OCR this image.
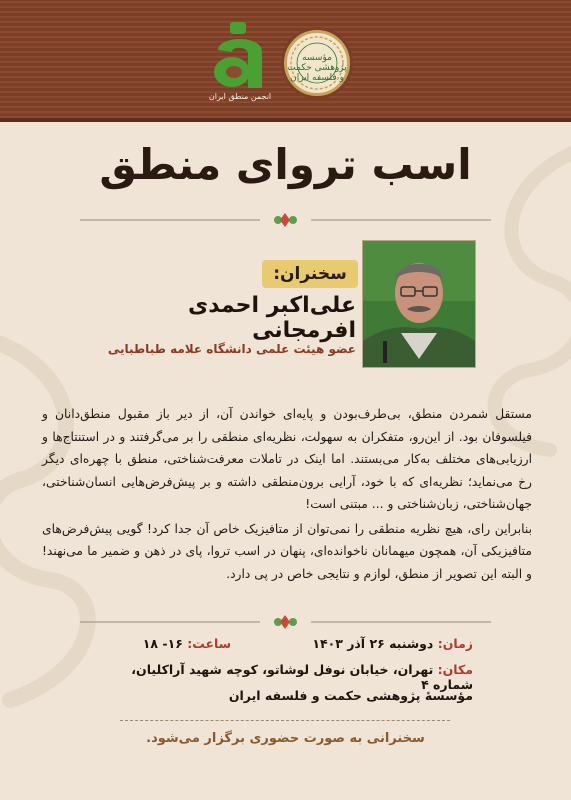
انجمن منطق ایران
مؤسسه پژوهشی حکمت و فلسفه ایران
اسب تروای منطق
سخنران:
علی‌اکبر احمدی افرمجانی
عضو هیئت علمی دانشگاه علامه طباطبایی

مستقل شمردن منطق، بی‌طرف‌بودن و پایه‌ای خواندن آن، از دیر باز مقبول منطق‌دانان و فیلسوفان بود. از این‌رو، متفکران به سهولت، نظریه‌ای منطقی را بر می‌گرفتند و در استنتاج‌ها و ارزیابی‌های مختلف به‌کار می‌بستند. اما اینک در تاملات معرفت‌شناختی، منطق با چهره‌ای دیگر رخ می‌نماید؛ نظریه‌ای که با خود، آرایی برون‌منطقی داشته و بر پیش‌فرض‌هایی انسان‌شناختی، جهان‌شناختی، زبان‌شناختی و ... مبتنی است!

بنابراین رای، هیچ نظریه منطقی را نمی‌توان از متافیزیک خاص آن جدا کرد! گویی پیش‌فرض‌های متافیزیکی آن، همچون میهمانان ناخوانده‌ای، پنهان در اسب تروا، پای در ذهن و ضمیر ما می‌نهند! و البته این تصویر از منطق، لوازم و نتایجی خاص در پی دارد.

زمان: دوشنبه ۲۶ آذر ۱۴۰۳
ساعت: ۱۶- ۱۸
مکان: تهران، خیابان نوفل لوشاتو، کوچه شهید آراکلیان، شماره ۴
مؤسسهٔ پژوهشی حکمت و فلسفه ایران
سخنرانی به صورت حضوری برگزار می‌شود.
